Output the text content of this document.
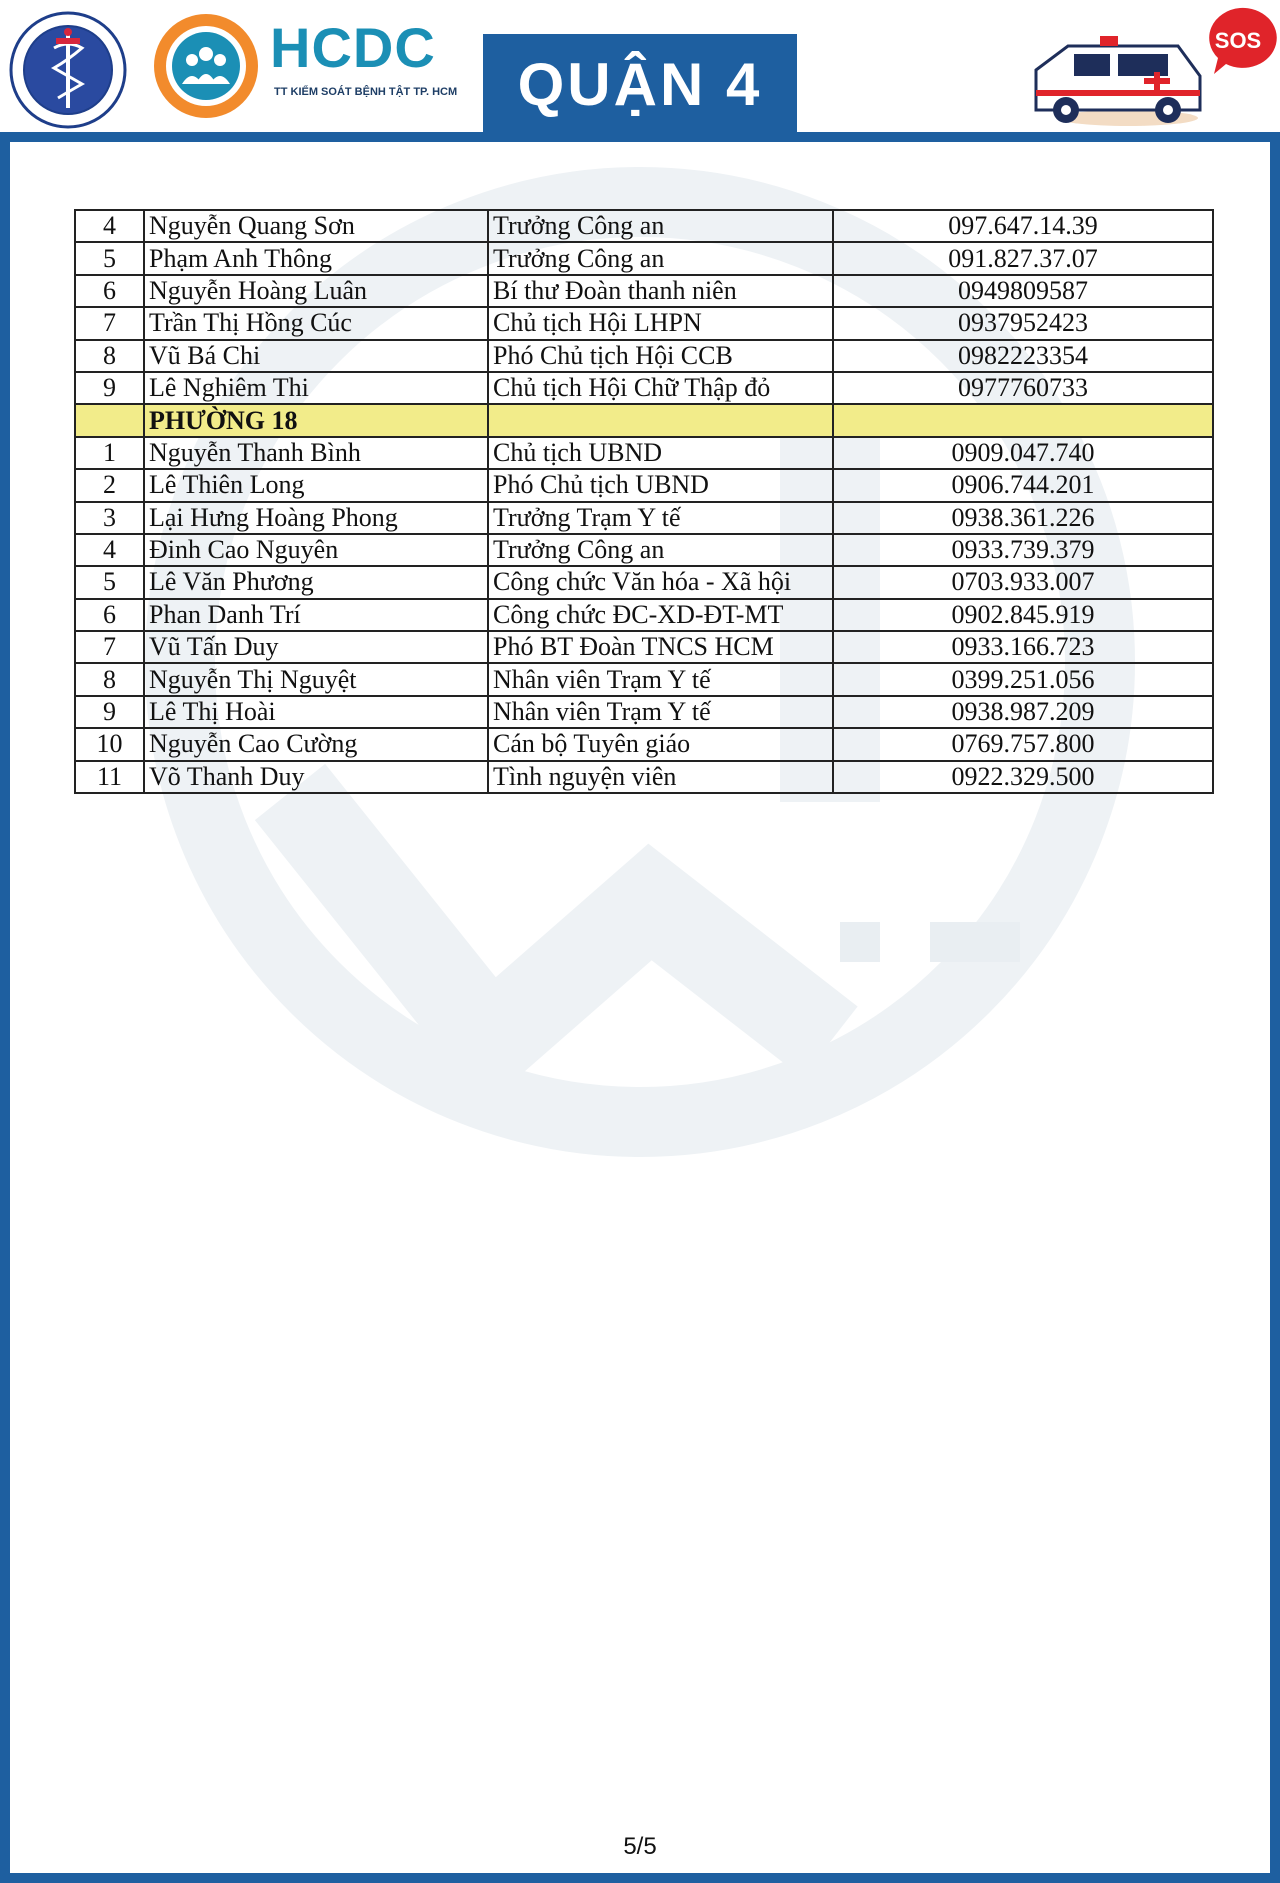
HCDC
TT KIỂM SOÁT BỆNH TẬT TP. HCM	QUẬN 4
SOS
4	Nguyễn Quang Sơn	Trưởng Công an	097.647.14.39
5	Phạm Anh Thông	Trưởng Công an	091.827.37.07
6	Nguyễn Hoàng Luân	Bí thư Đoàn thanh niên	0949809587
7	Trần Thị Hồng Cúc	Chủ tịch Hội LHPN	0937952423
8	Vũ Bá Chi	Phó Chủ tịch Hội CCB	0982223354
9	Lê Nghiêm Thi	Chủ tịch Hội Chữ Thập đỏ	0977760733
	PHƯỜNG 18		
1	Nguyễn Thanh Bình	Chủ tịch UBND	0909.047.740
2	Lê Thiên Long	Phó Chủ tịch UBND	0906.744.201
3	Lại Hưng Hoàng Phong	Trưởng Trạm Y tế	0938.361.226
4	Đinh Cao Nguyên	Trưởng Công an	0933.739.379
5	Lê Văn Phương	Công chức Văn hóa - Xã hội	0703.933.007
6	Phan Danh Trí	Công chức ĐC-XD-ĐT-MT	0902.845.919
7	Vũ Tấn Duy	Phó BT Đoàn TNCS HCM	0933.166.723
8	Nguyễn Thị Nguyệt	Nhân viên Trạm Y tế	0399.251.056
9	Lê Thị Hoài	Nhân viên Trạm Y tế	0938.987.209
10	Nguyễn Cao Cường	Cán bộ Tuyên giáo	0769.757.800
11	Võ Thanh Duy	Tình nguyện viên	0922.329.500
5/5
